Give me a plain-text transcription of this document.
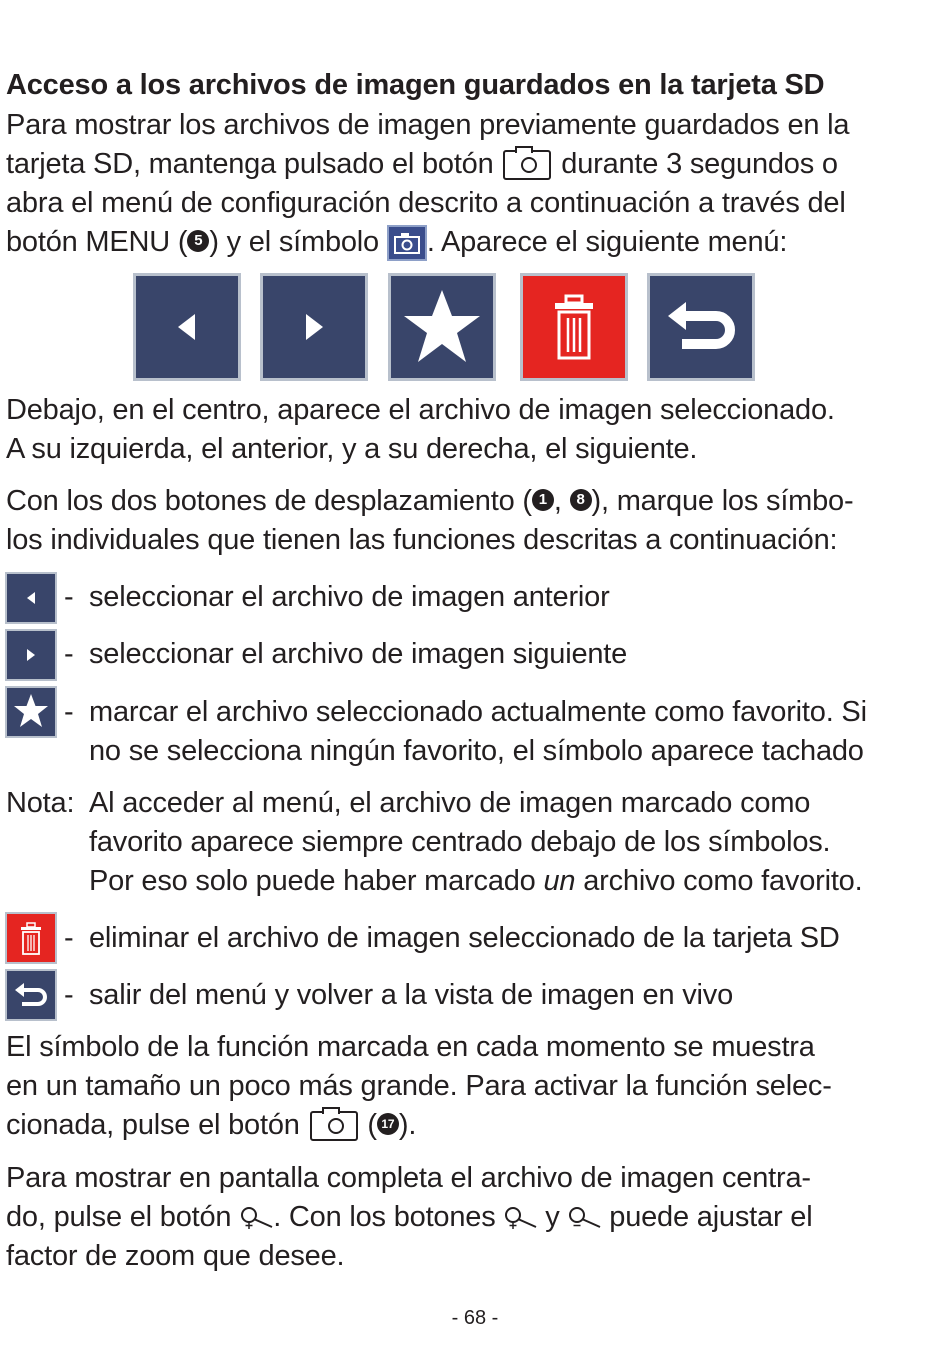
Acceso a los archivos de imagen guardados en la tarjeta SD
Para mostrar los archivos de imagen previamente guardados en la
tarjeta SD, mantenga pulsado el botón durante 3 segundos o
abra el menú de configuración descrito a continuación a través del
botón MENU ( 5 ) y el símbolo . Aparece el siguiente menú:
Debajo, en el centro, aparece el archivo de imagen seleccionado.
A su izquierda, el anterior, y a su derecha, el siguiente.
Con los dos botones de desplazamiento ( 1 , 8 ), marque los símbo-
los individuales que tienen las funciones descritas a continuación:
- seleccionar el archivo de imagen anterior
- seleccionar el archivo de imagen siguiente
- marcar el archivo seleccionado actualmente como favorito. Si
no se selecciona ningún favorito, el símbolo aparece tachado
Nota: Al acceder al menú, el archivo de imagen marcado como
favorito aparece siempre centrado debajo de los símbolos.
Por eso solo puede haber marcado un archivo como favorito.
- eliminar el archivo de imagen seleccionado de la tarjeta SD
- salir del menú y volver a la vista de imagen en vivo
El símbolo de la función marcada en cada momento se muestra
en un tamaño un poco más grande. Para activar la función selec-
cionada, pulse el botón  ( 17 ).
Para mostrar en pantalla completa el archivo de imagen centra-
do, pulse el botón . Con los botones  y  puede ajustar el
factor de zoom que desee.
- 68 -
